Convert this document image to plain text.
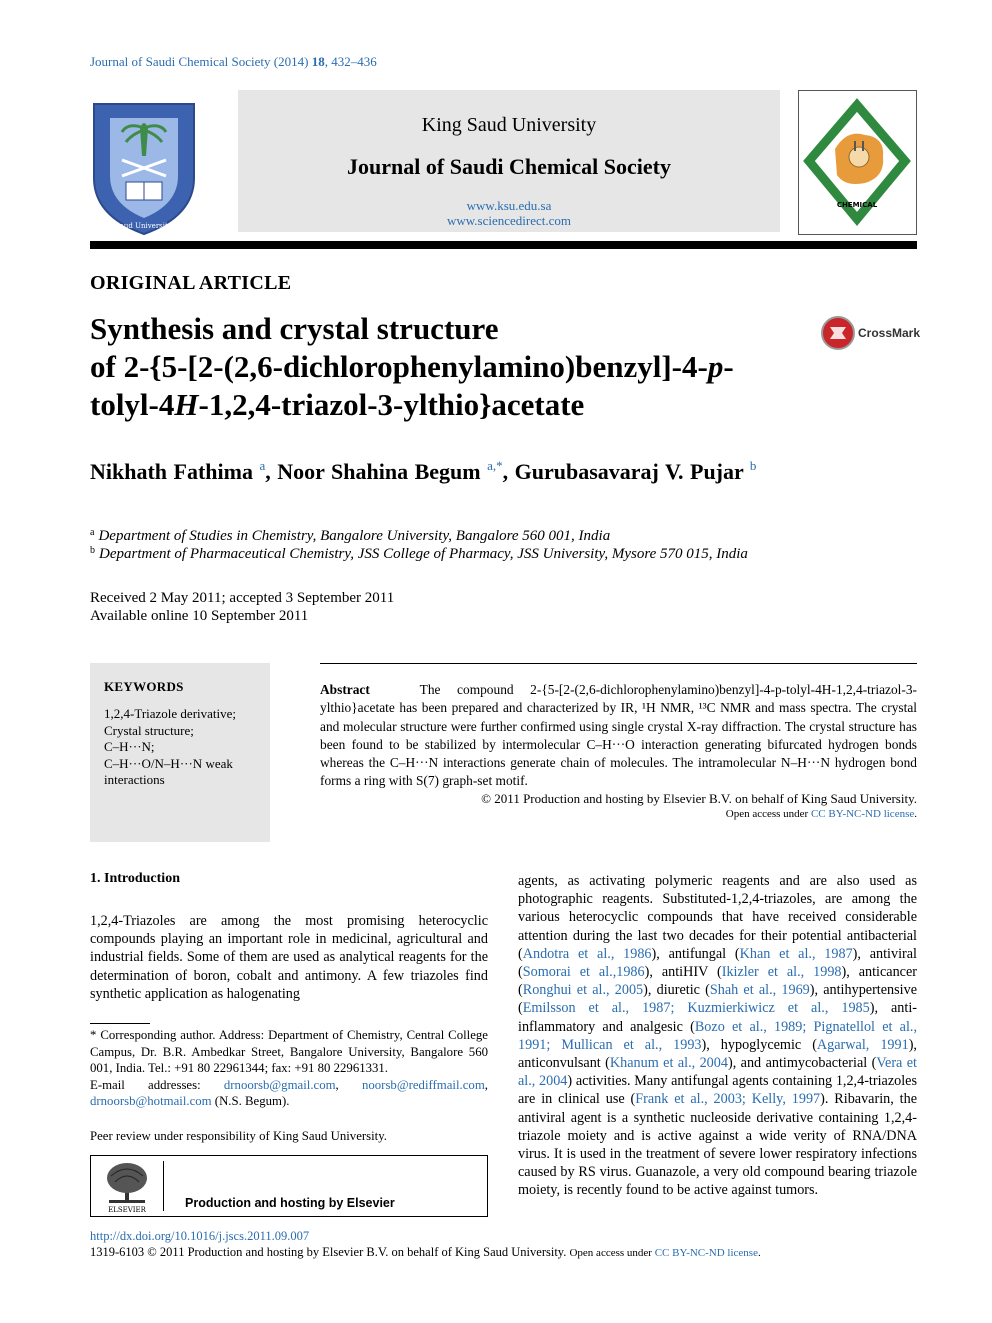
Journal of Saudi Chemical Society (2014) 18, 432–436
King Saud University 1957
King Saud University
Journal of Saudi Chemical Society
www.ksu.edu.sa
www.sciencedirect.com
CHEMICAL
ORIGINAL ARTICLE
Synthesis and crystal structure
of 2-{5-[2-(2,6-dichlorophenylamino)benzyl]-4-p-
tolyl-4H-1,2,4-triazol-3-ylthio}acetate
CrossMark
Nikhath Fathima $^a$, Noor Shahina Begum $^{a,*}$, Gurubasavaraj V. Pujar $^b$
$^a$ Department of Studies in Chemistry, Bangalore University, Bangalore 560 001, India
$^b$ Department of Pharmaceutical Chemistry, JSS College of Pharmacy, JSS University, Mysore 570 015, India
Received 2 May 2011; accepted 3 September 2011
Available online 10 September 2011
KEYWORDS
1,2,4-Triazole derivative;
Crystal structure;
C–H···N;
C–H···O/N–H···N weak
interactions
Abstract	The compound 2-{5-[2-(2,6-dichlorophenylamino)benzyl]-4-p-tolyl-4H-1,2,4-triazol-3-ylthio}acetate has been prepared and characterized by IR, ¹H NMR, ¹³C NMR and mass spectra. The crystal and molecular structure were further confirmed using single crystal X-ray diffraction. The crystal structure has been found to be stabilized by intermolecular C–H···O interaction generating bifurcated hydrogen bonds whereas the C–H···N interactions generate chain of molecules. The intramolecular N–H···N hydrogen bond forms a ring with S(7) graph-set motif.
© 2011 Production and hosting by Elsevier B.V. on behalf of King Saud University.
Open access under CC BY-NC-ND license.
1. Introduction
1,2,4-Triazoles are among the most promising heterocyclic compounds playing an important role in medicinal, agricultural and industrial fields. Some of them are used as analytical reagents for the determination of boron, cobalt and antimony. A few triazoles find synthetic application as halogenating
agents, as activating polymeric reagents and are also used as photographic reagents. Substituted-1,2,4-triazoles, are among the various heterocyclic compounds that have received considerable attention during the last two decades for their potential antibacterial (Andotra et al., 1986), antifungal (Khan et al., 1987), antiviral (Somorai et al.,1986), antiHIV (Ikizler et al., 1998), anticancer (Ronghui et al., 2005), diuretic (Shah et al., 1969), antihypertensive (Emilsson et al., 1987; Kuzmierkiwicz et al., 1985), anti-inflammatory and analgesic (Bozo et al., 1989; Pignatellol et al., 1991; Mullican et al., 1993), hypoglycemic (Agarwal, 1991), anticonvulsant (Khanum et al., 2004), and antimycobacterial (Vera et al., 2004) activities. Many antifungal agents containing 1,2,4-triazoles are in clinical use (Frank et al., 2003; Kelly, 1997). Ribavarin, the antiviral agent is a synthetic nucleoside derivative containing 1,2,4-triazole moiety and is active against a wide verity of RNA/DNA virus. It is used in the treatment of severe lower respiratory infections caused by RS virus. Guanazole, a very old compound bearing triazole moiety, is recently found to be active against tumors.
* Corresponding author. Address: Department of Chemistry, Central College Campus, Dr. B.R. Ambedkar Street, Bangalore University, Bangalore 560 001, India. Tel.: +91 80 22961344; fax: +91 80 22961331.
E-mail addresses: drnoorsb@gmail.com, noorsb@rediffmail.com, drnoorsb@hotmail.com (N.S. Begum).
Peer review under responsibility of King Saud University.
ELSEVIER	Production and hosting by Elsevier
http://dx.doi.org/10.1016/j.jscs.2011.09.007
1319-6103 © 2011 Production and hosting by Elsevier B.V. on behalf of King Saud University. Open access under CC BY-NC-ND license.
